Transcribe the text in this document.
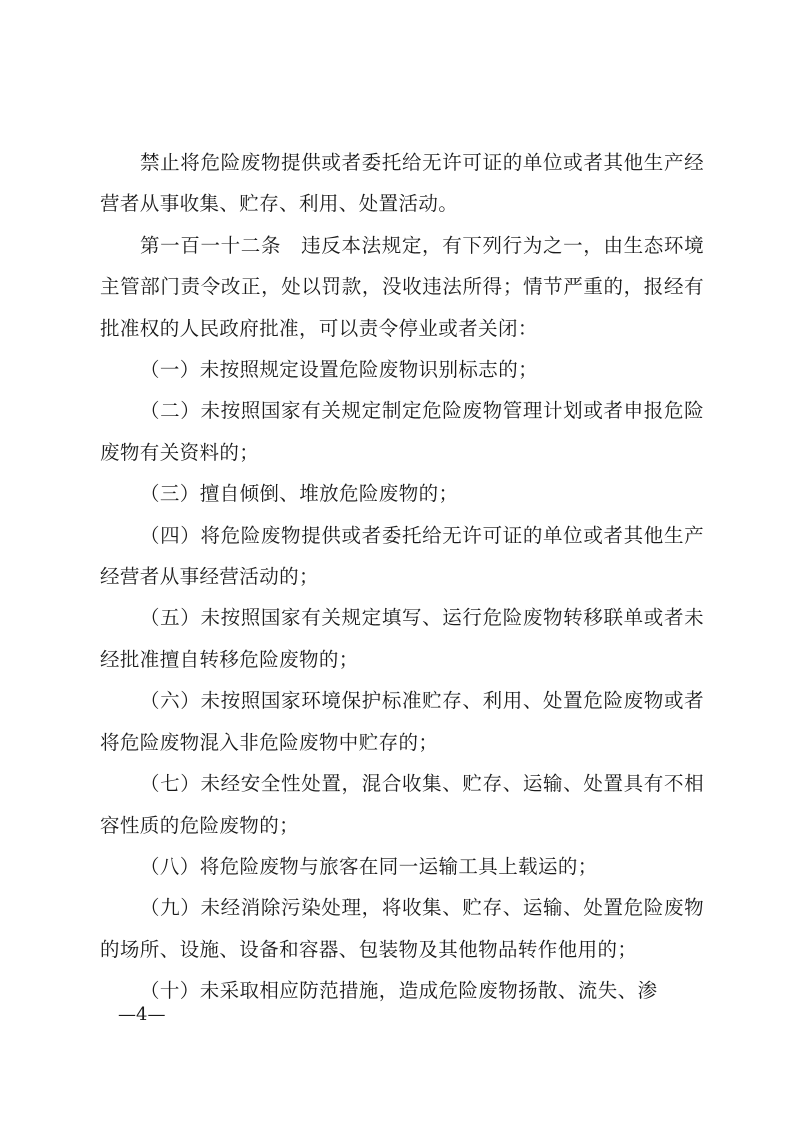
禁止将危险废物提供或者委托给无许可证的单位或者其他生产经营者从事收集、贮存、利用、处置活动。

第一百一十二条 违反本法规定，有下列行为之一，由生态环境主管部门责令改正，处以罚款，没收违法所得；情节严重的，报经有批准权的人民政府批准，可以责令停业或者关闭：

（一）未按照规定设置危险废物识别标志的；

（二）未按照国家有关规定制定危险废物管理计划或者申报危险废物有关资料的；

（三）擅自倾倒、堆放危险废物的；

（四）将危险废物提供或者委托给无许可证的单位或者其他生产经营者从事经营活动的；

（五）未按照国家有关规定填写、运行危险废物转移联单或者未经批准擅自转移危险废物的；

（六）未按照国家环境保护标准贮存、利用、处置危险废物或者将危险废物混入非危险废物中贮存的；

（七）未经安全性处置，混合收集、贮存、运输、处置具有不相容性质的危险废物的；

（八）将危险废物与旅客在同一运输工具上载运的；

（九）未经消除污染处理，将收集、贮存、运输、处置危险废物的场所、设施、设备和容器、包装物及其他物品转作他用的；

（十）未采取相应防范措施，造成危险废物扬散、流失、渗

—4—
